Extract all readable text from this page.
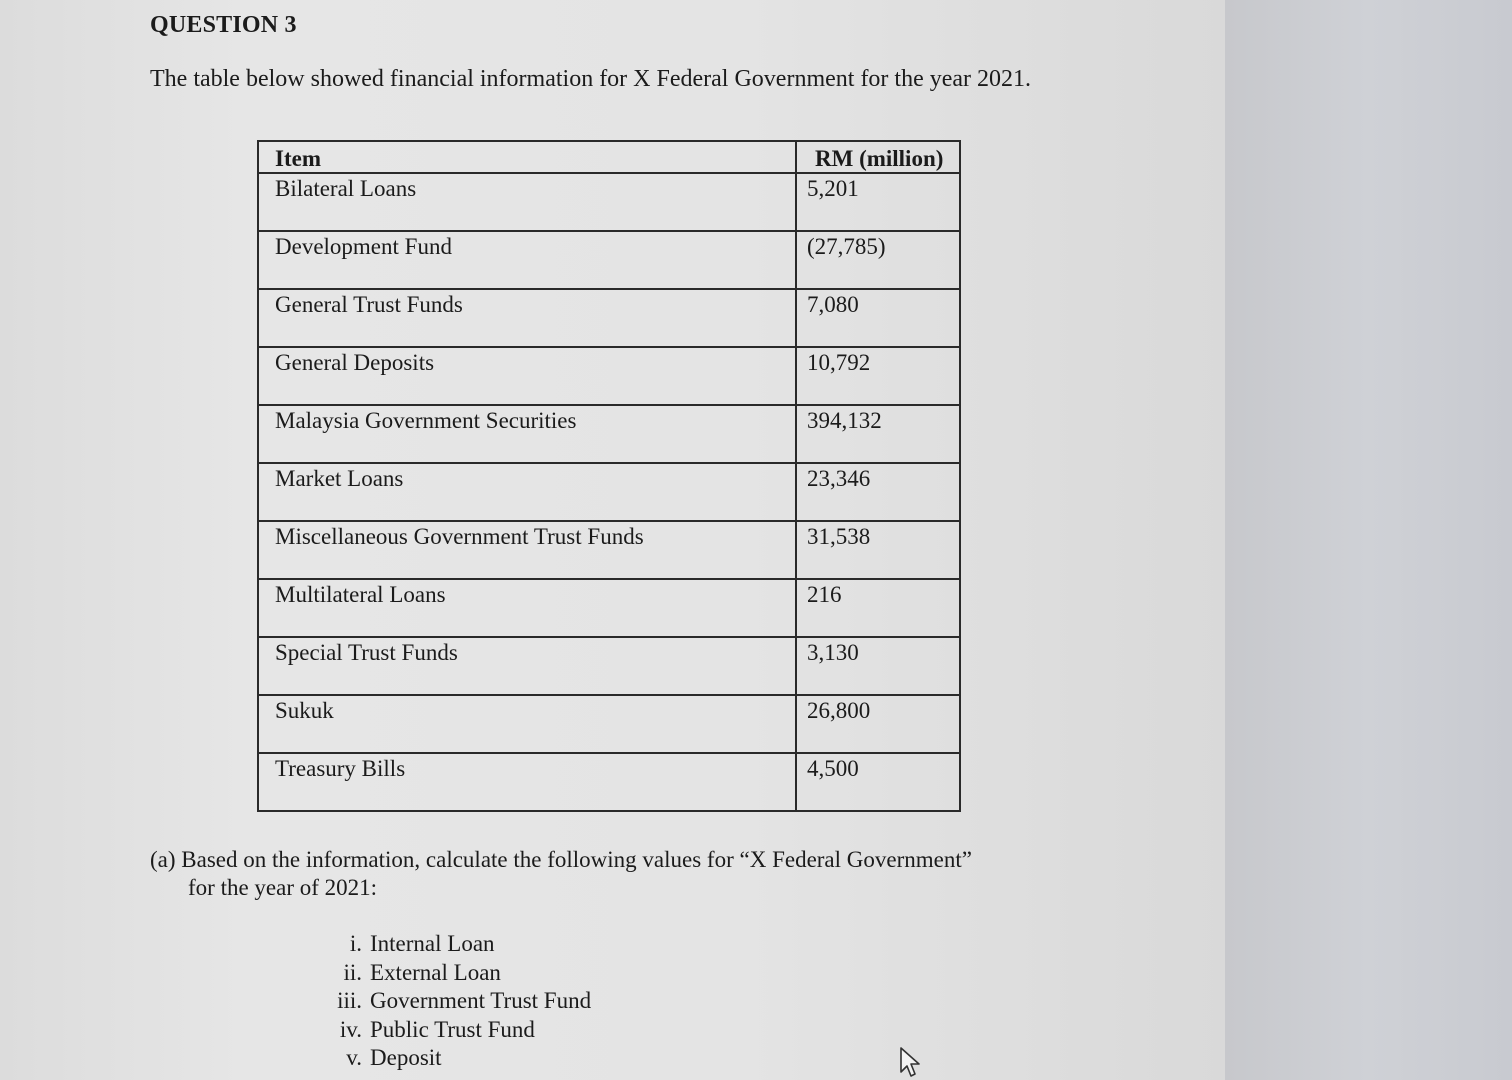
QUESTION 3

The table below showed financial information for X Federal Government for the year 2021.

Item	RM (million)
Bilateral Loans	5,201
Development Fund	(27,785)
General Trust Funds	7,080
General Deposits	10,792
Malaysia Government Securities	394,132
Market Loans	23,346
Miscellaneous Government Trust Funds	31,538
Multilateral Loans	216
Special Trust Funds	3,130
Sukuk	26,800
Treasury Bills	4,500

(a) Based on the information, calculate the following values for “X Federal Government”
for the year of 2021:

i. Internal Loan
ii. External Loan
iii. Government Trust Fund
iv. Public Trust Fund
v. Deposit
